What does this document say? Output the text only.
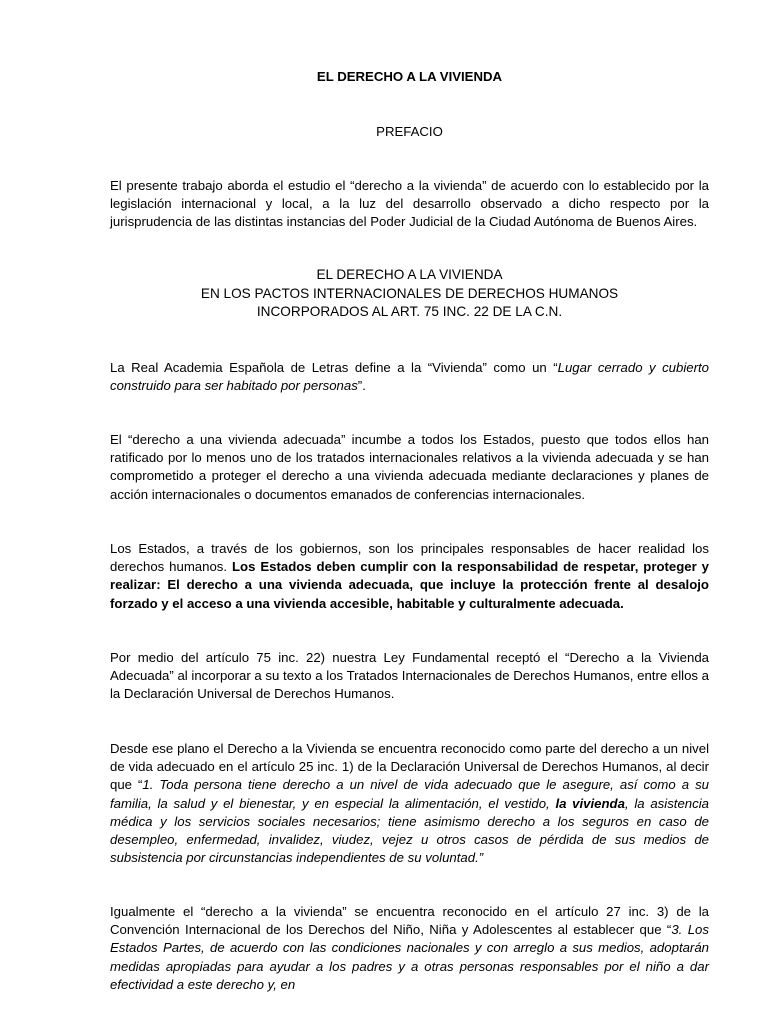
EL DERECHO A LA VIVIENDA

PREFACIO

El presente trabajo aborda el estudio el “derecho a la vivienda” de acuerdo con lo establecido por la legislación internacional y local, a la luz del desarrollo observado a dicho respecto por la jurisprudencia de las distintas instancias del Poder Judicial de la Ciudad Autónoma de Buenos Aires.

EL DERECHO A LA VIVIENDA
EN LOS PACTOS INTERNACIONALES DE DERECHOS HUMANOS
INCORPORADOS AL ART. 75 INC. 22 DE LA C.N.

La Real Academia Española de Letras define a la “Vivienda” como un “Lugar cerrado y cubierto construido para ser habitado por personas”.

El “derecho a una vivienda adecuada” incumbe a todos los Estados, puesto que todos ellos han ratificado por lo menos uno de los tratados internacionales relativos a la vivienda adecuada y se han comprometido a proteger el derecho a una vivienda adecuada mediante declaraciones y planes de acción internacionales o documentos emanados de conferencias internacionales.

Los Estados, a través de los gobiernos, son los principales responsables de hacer realidad los derechos humanos. Los Estados deben cumplir con la responsabilidad de respetar, proteger y realizar: El derecho a una vivienda adecuada, que incluye la protección frente al desalojo forzado y el acceso a una vivienda accesible, habitable y culturalmente adecuada.

Por medio del artículo 75 inc. 22) nuestra Ley Fundamental receptó el “Derecho a la Vivienda Adecuada” al incorporar a su texto a los Tratados Internacionales de Derechos Humanos, entre ellos a la Declaración Universal de Derechos Humanos.

Desde ese plano el Derecho a la Vivienda se encuentra reconocido como parte del derecho a un nivel de vida adecuado en el artículo 25 inc. 1) de la Declaración Universal de Derechos Humanos, al decir que “1. Toda persona tiene derecho a un nivel de vida adecuado que le asegure, así como a su familia, la salud y el bienestar, y en especial la alimentación, el vestido, la vivienda, la asistencia médica y los servicios sociales necesarios; tiene asimismo derecho a los seguros en caso de desempleo, enfermedad, invalidez, viudez, vejez u otros casos de pérdida de sus medios de subsistencia por circunstancias independientes de su voluntad.”

Igualmente el “derecho a la vivienda” se encuentra reconocido en el artículo 27 inc. 3) de la Convención Internacional de los Derechos del Niño, Niña y Adolescentes al establecer que “3. Los Estados Partes, de acuerdo con las condiciones nacionales y con arreglo a sus medios, adoptarán medidas apropiadas para ayudar a los padres y a otras personas responsables por el niño a dar efectividad a este derecho y, en
